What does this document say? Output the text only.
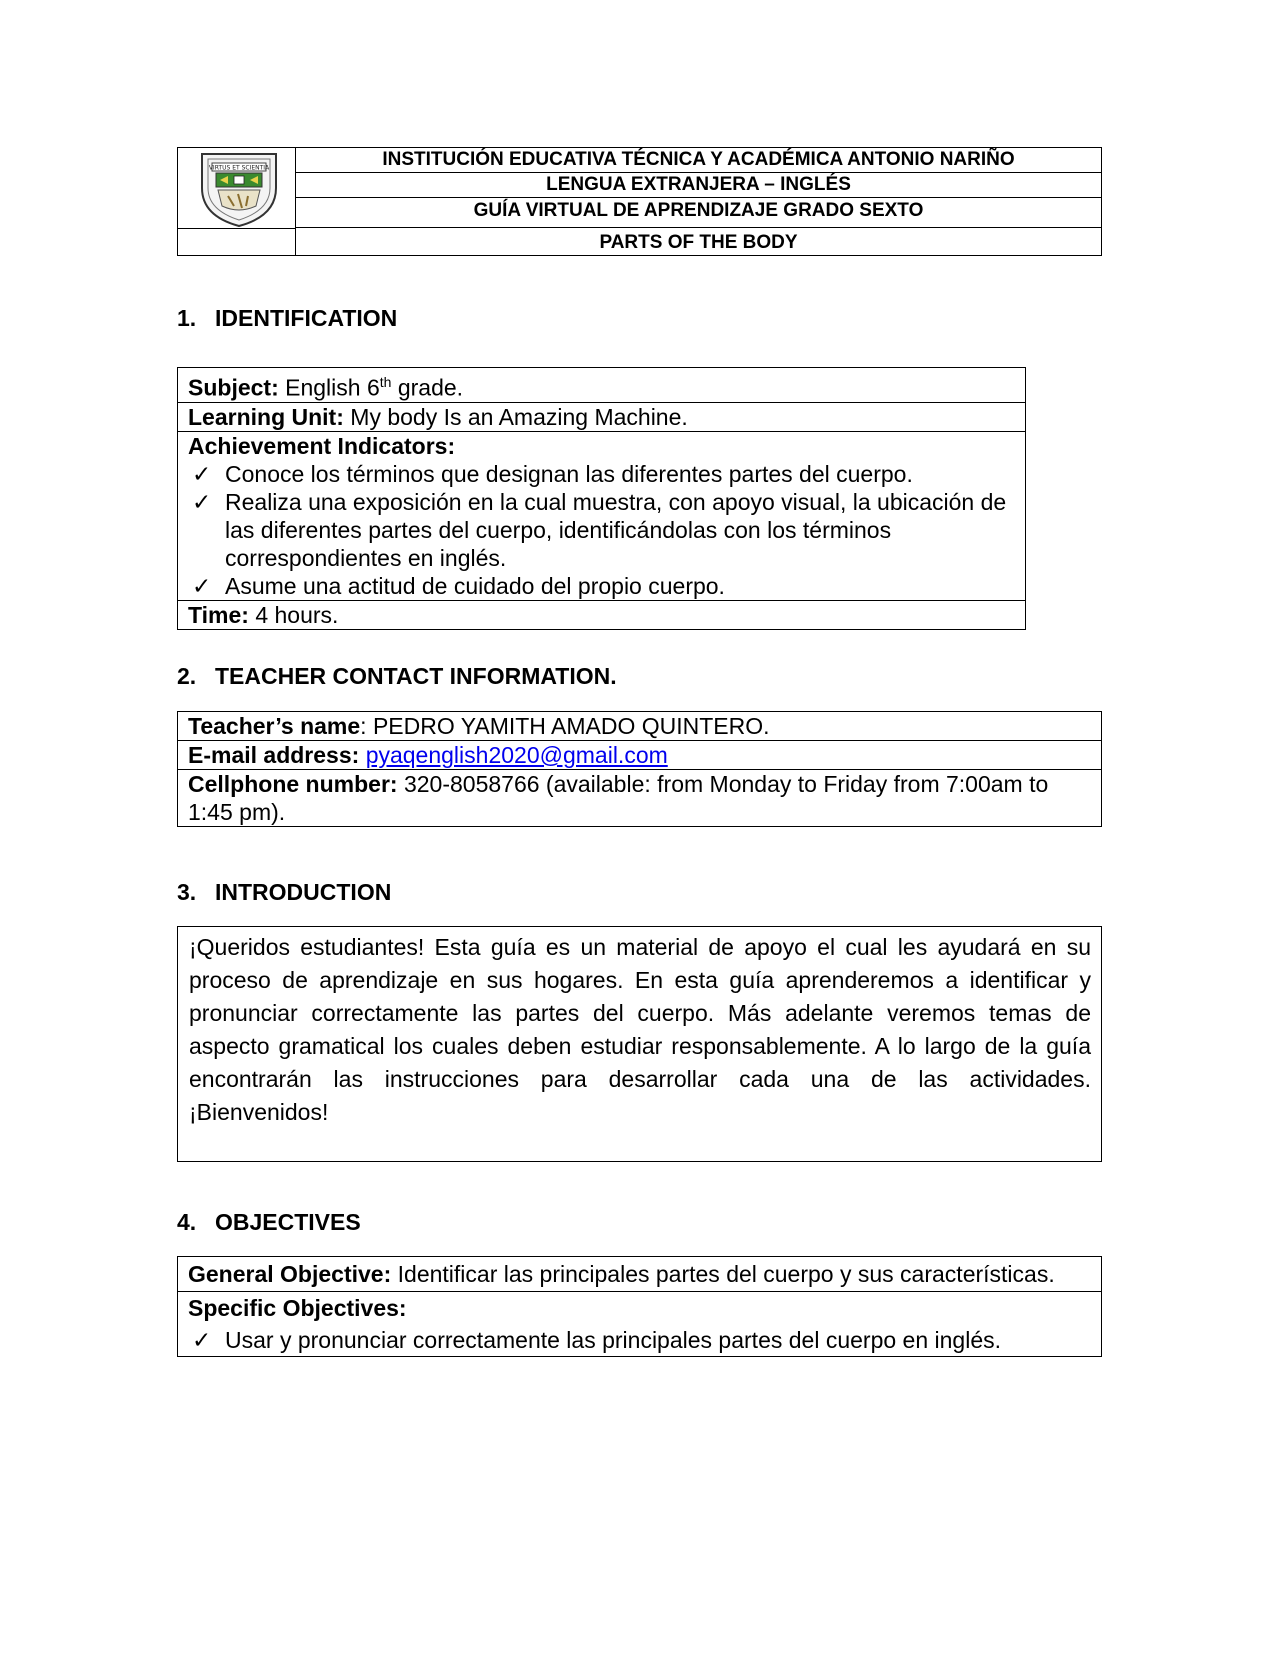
VIRTUS ET SCIENTIA	INSTITUCIÓN EDUCATIVA TÉCNICA Y ACADÉMICA ANTONIO NARIÑO
LENGUA EXTRANJERA – INGLÉS
GUÍA VIRTUAL DE APRENDIZAJE GRADO SEXTO
PARTS OF THE BODY
1. IDENTIFICATION
Subject: English 6th grade.
Learning Unit: My body Is an Amazing Machine.
Achievement Indicators:
✓ Conoce los términos que designan las diferentes partes del cuerpo.
✓ Realiza una exposición en la cual muestra, con apoyo visual, la ubicación de las diferentes partes del cuerpo, identificándolas con los términos correspondientes en inglés.
✓ Asume una actitud de cuidado del propio cuerpo.
Time: 4 hours.
2. TEACHER CONTACT INFORMATION.
Teacher’s name: PEDRO YAMITH AMADO QUINTERO.
E-mail address: pyaqenglish2020@gmail.com
Cellphone number: 320-8058766 (available: from Monday to Friday from 7:00am to 1:45 pm).
3. INTRODUCTION
¡Queridos estudiantes! Esta guía es un material de apoyo el cual les ayudará en su proceso de aprendizaje en sus hogares. En esta guía aprenderemos a identificar y pronunciar correctamente las partes del cuerpo. Más adelante veremos temas de aspecto gramatical los cuales deben estudiar responsablemente. A lo largo de la guía encontrarán las instrucciones para desarrollar cada una de las actividades. ¡Bienvenidos!
4. OBJECTIVES
General Objective: Identificar las principales partes del cuerpo y sus características.
Specific Objectives:
✓ Usar y pronunciar correctamente las principales partes del cuerpo en inglés.
